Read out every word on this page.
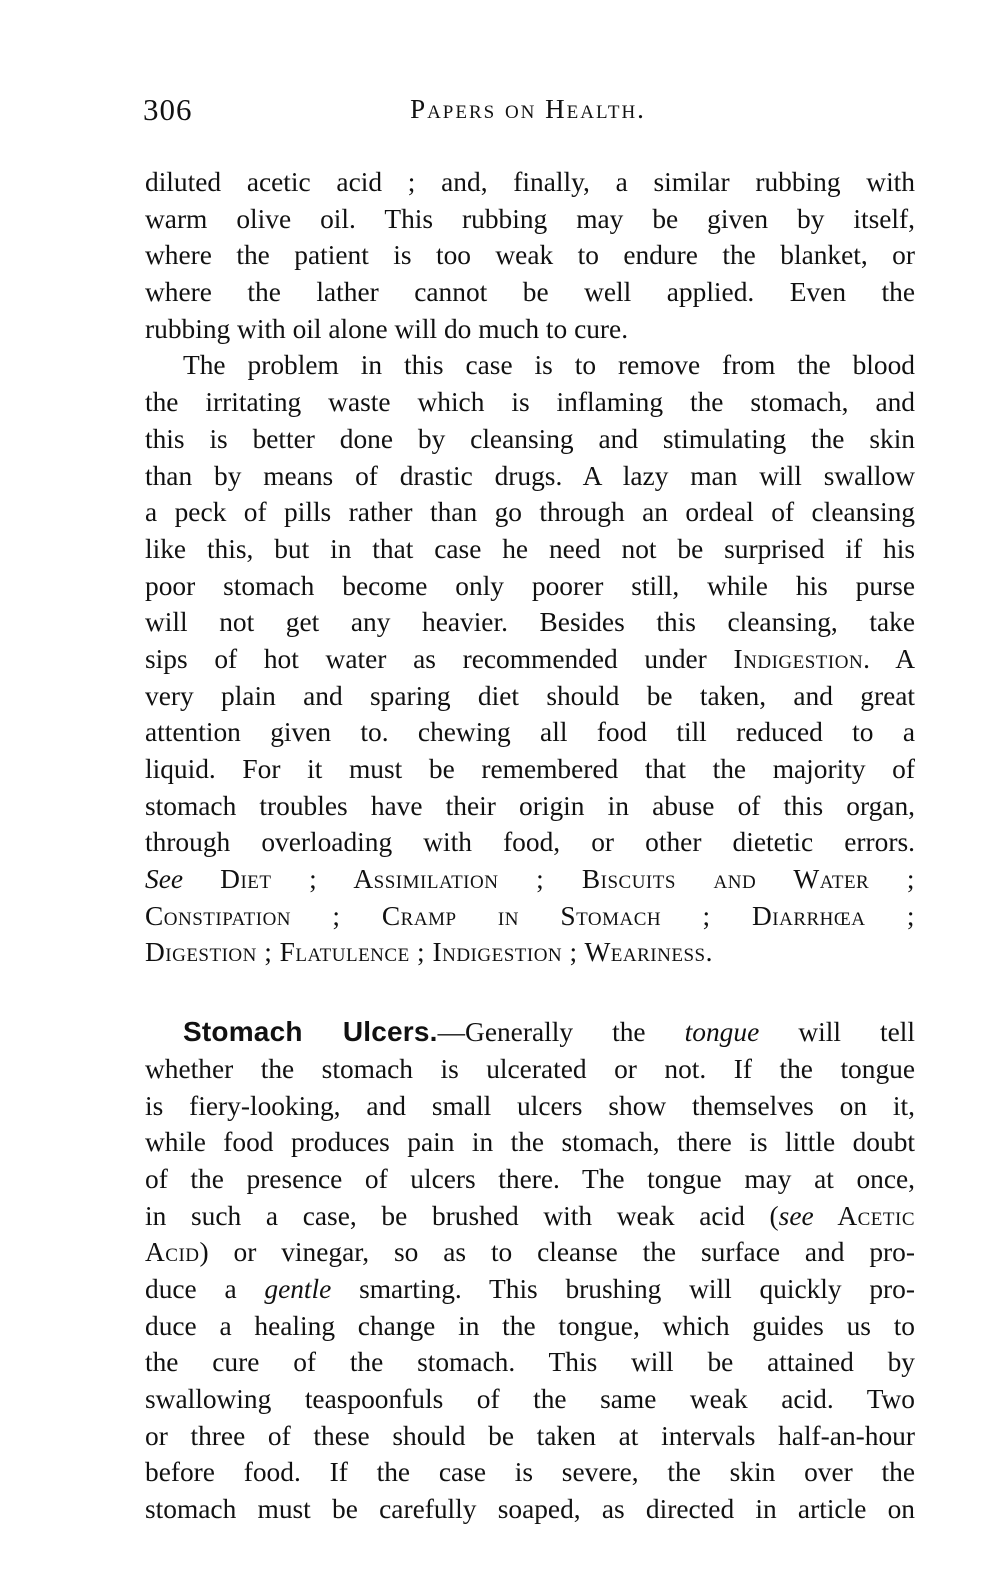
306	Papers on Health.
diluted acetic acid ; and, finally, a similar rubbing with
warm olive oil. This rubbing may be given by itself,
where the patient is too weak to endure the blanket, or
where the lather cannot be well applied. Even the
rubbing with oil alone will do much to cure.
The problem in this case is to remove from the blood
the irritating waste which is inflaming the stomach, and
this is better done by cleansing and stimulating the skin
than by means of drastic drugs. A lazy man will swallow
a peck of pills rather than go through an ordeal of cleansing
like this, but in that case he need not be surprised if his
poor stomach become only poorer still, while his purse
will not get any heavier. Besides this cleansing, take
sips of hot water as recommended under Indigestion. A
very plain and sparing diet should be taken, and great
attention given to. chewing all food till reduced to a
liquid. For it must be remembered that the majority of
stomach troubles have their origin in abuse of this organ,
through overloading with food, or other dietetic errors.
See Diet ; Assimilation ; Biscuits and Water ;
Constipation ; Cramp in Stomach ; Diarrhœa ;
Digestion ; Flatulence ; Indigestion ; Weariness.
Stomach Ulcers.—Generally the tongue will tell
whether the stomach is ulcerated or not. If the tongue
is fiery-looking, and small ulcers show themselves on it,
while food produces pain in the stomach, there is little doubt
of the presence of ulcers there. The tongue may at once,
in such a case, be brushed with weak acid (see Acetic
Acid) or vinegar, so as to cleanse the surface and pro-
duce a gentle smarting. This brushing will quickly pro-
duce a healing change in the tongue, which guides us to
the cure of the stomach. This will be attained by
swallowing teaspoonfuls of the same weak acid. Two
or three of these should be taken at intervals half-an-hour
before food. If the case is severe, the skin over the
stomach must be carefully soaped, as directed in article on
